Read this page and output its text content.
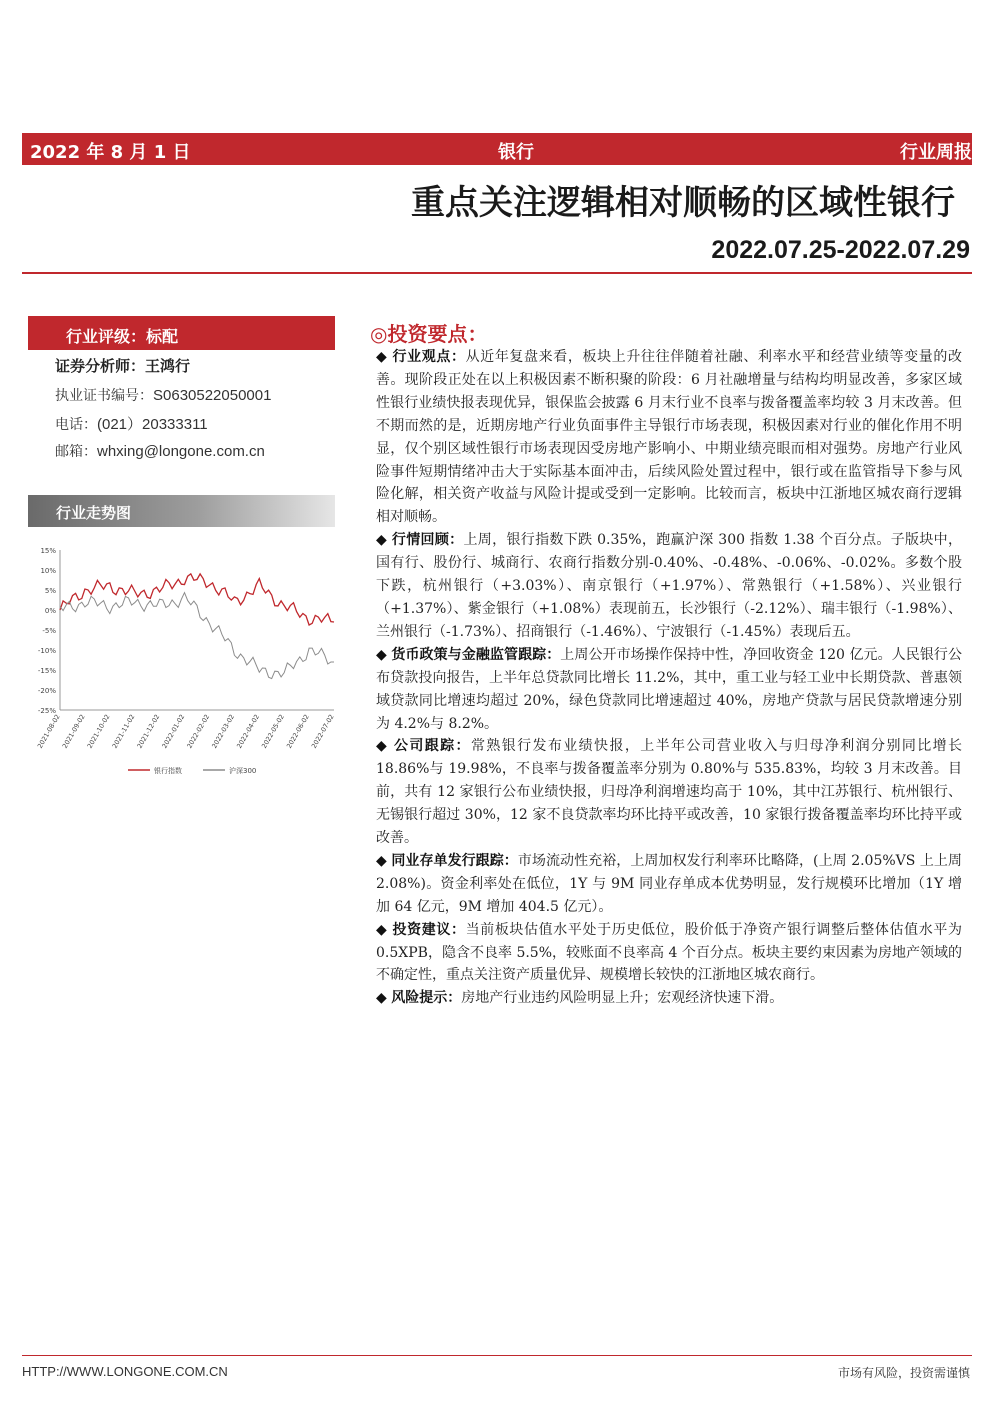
2022 年 8 月 1 日	银行	行业周报
重点关注逻辑相对顺畅的区域性银行
2022.07.25-2022.07.29
行业评级：标配
证券分析师：王鸿行
执业证书编号：S0630522050001
电话：(021）20333311
邮箱：whxing@longone.com.cn
行业走势图
15%
10%
5%
0%
-5%
-10%
-15%
-20%
-25%
2021-08-02 2021-09-02 2021-10-02 2021-11-02 2021-12-02 2022-01-02 2022-02-02 2022-03-02 2022-04-02 2022-05-02 2022-06-02 2022-07-02
银行指数	沪深300
◎投资要点：

◆ 行业观点：从近年复盘来看，板块上升往往伴随着社融、利率水平和经营业绩等变量的改善。现阶段正处在以上积极因素不断积聚的阶段：6 月社融增量与结构均明显改善，多家区域性银行业绩快报表现优异，银保监会披露 6 月末行业不良率与拨备覆盖率均较 3 月末改善。但不期而然的是，近期房地产行业负面事件主导银行市场表现，积极因素对行业的催化作用不明显，仅个别区域性银行市场表现因受房地产影响小、中期业绩亮眼而相对强势。房地产行业风险事件短期情绪冲击大于实际基本面冲击，后续风险处置过程中，银行或在监管指导下参与风险化解，相关资产收益与风险计提或受到一定影响。比较而言，板块中江浙地区城农商行逻辑相对顺畅。

◆ 行情回顾：上周，银行指数下跌 0.35%，跑赢沪深 300 指数 1.38 个百分点。子版块中，国有行、股份行、城商行、农商行指数分别-0.40%、-0.48%、-0.06%、-0.02%。多数个股下跌，杭州银行（+3.03%）、南京银行（+1.97%）、常熟银行（+1.58%）、兴业银行（+1.37%）、紫金银行（+1.08%）表现前五，长沙银行（-2.12%）、瑞丰银行（-1.98%）、兰州银行（-1.73%）、招商银行（-1.46%）、宁波银行（-1.45%）表现后五。

◆ 货币政策与金融监管跟踪：上周公开市场操作保持中性，净回收资金 120 亿元。人民银行公布贷款投向报告，上半年总贷款同比增长 11.2%，其中，重工业与轻工业中长期贷款、普惠领域贷款同比增速均超过 20%，绿色贷款同比增速超过 40%，房地产贷款与居民贷款增速分别为 4.2%与 8.2%。

◆ 公司跟踪：常熟银行发布业绩快报，上半年公司营业收入与归母净利润分别同比增长 18.86%与 19.98%，不良率与拨备覆盖率分别为 0.80%与 535.83%，均较 3 月末改善。目前，共有 12 家银行公布业绩快报，归母净利润增速均高于 10%，其中江苏银行、杭州银行、无锡银行超过 30%，12 家不良贷款率均环比持平或改善，10 家银行拨备覆盖率均环比持平或改善。

◆ 同业存单发行跟踪：市场流动性充裕，上周加权发行利率环比略降，(上周 2.05%VS 上上周 2.08%)。资金利率处在低位，1Y 与 9M 同业存单成本优势明显，发行规模环比增加（1Y 增加 64 亿元，9M 增加 404.5 亿元）。

◆ 投资建议：当前板块估值水平处于历史低位，股价低于净资产银行调整后整体估值水平为 0.5XPB，隐含不良率 5.5%，较账面不良率高 4 个百分点。板块主要约束因素为房地产领域的不确定性，重点关注资产质量优异、规模增长较快的江浙地区城农商行。

◆ 风险提示：房地产行业违约风险明显上升；宏观经济快速下滑。

HTTP://WWW.LONGONE.COM.CN	市场有风险，投资需谨慎
